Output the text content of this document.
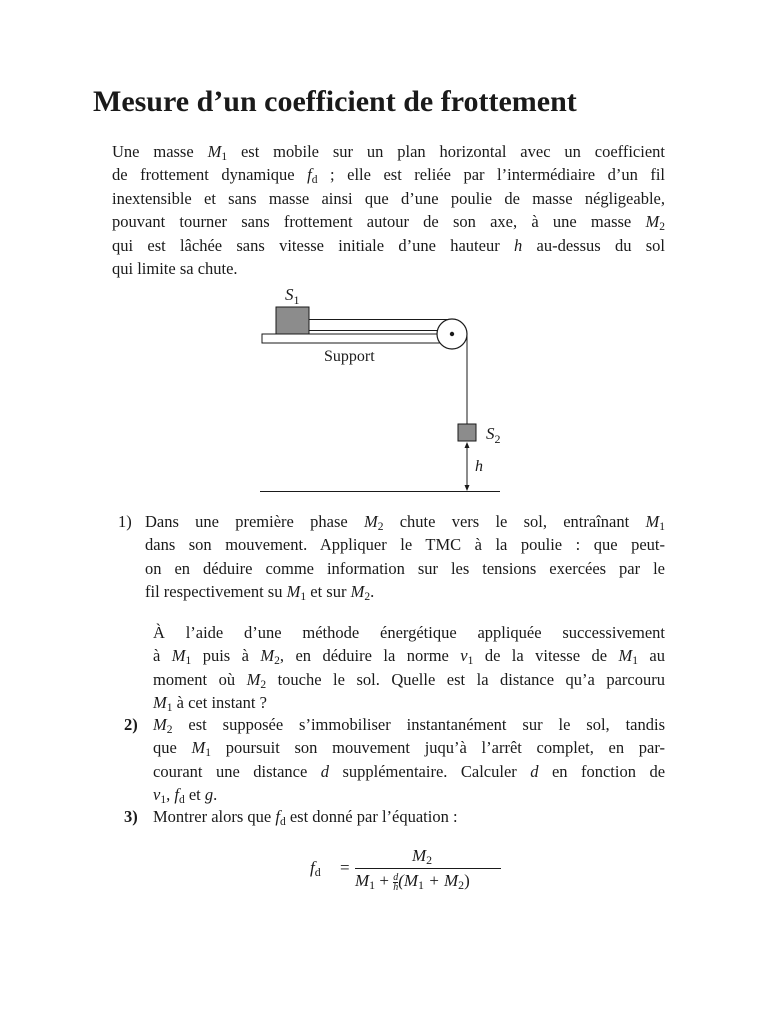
Mesure d’un coefficient de frottement
Une masse $M_1$ est mobile sur un plan horizontal avec un coefficient
de frottement dynamique $f_d$ ; elle est reliée par l’intermédiaire d’un fil
inextensible et sans masse ainsi que d’une poulie de masse négligeable,
pouvant tourner sans frottement autour de son axe, à une masse $M_2$
qui est lâchée sans vitesse initiale d’une hauteur h au-dessus du sol
qui limite sa chute.
$S_1$
Support
$S_2$
h
1) Dans une première phase $M_2$ chute vers le sol, entraînant $M_1$
dans son mouvement. Appliquer le TMC à la poulie : que peut-
on en déduire comme information sur les tensions exercées par le
fil respectivement su $M_1$ et sur $M_2$.
À l’aide d’une méthode énergétique appliquée successivement
à $M_1$ puis à $M_2$, en déduire la norme $v_1$ de la vitesse de $M_1$ au
moment où $M_2$ touche le sol. Quelle est la distance qu’a parcouru
$M_1$ à cet instant ?
2) $M_2$ est supposée s’immobiliser instantanément sur le sol, tandis
que $M_1$ poursuit son mouvement juqu’à l’arrêt complet, en par-
courant une distance d supplémentaire. Calculer d en fonction de
$v_1$, $f_d$ et g.
3) Montrer alors que $f_d$ est donné par l’équation :
$f_d$ =
$M_2$
$M_1 + \frac{d}{h} (M_1 + M_2)$
